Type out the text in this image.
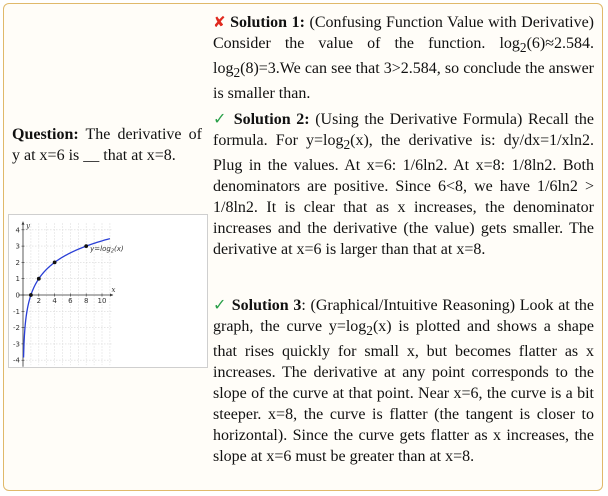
Question: The derivative of y at x=6 is __ that at x=8.
2 4 6 8 10
4
3
2
1
0
-1
-2
-3
-4
x
y
$y=\log_2(x)$

✘ Solution 1: (Confusing Function Value with Derivative) Consider the value of the function. $\log_2(6)\approx 2.584$. $\log_2(8)=3.We$ can see that 3>2.584, so conclude the answer is smaller than.

✓ Solution 2: (Using the Derivative Formula) Recall the formula. For $y=\log_2(x)$, the derivative is: dy/dx=1/xln2. Plug in the values. At x=6: 1/6ln2. At x=8: 1/8ln2. Both denominators are positive. Since 6<8, we have 1/6ln2 > 1/8ln2. It is clear that as x increases, the denominator increases and the derivative (the value) gets smaller. The derivative at x=6 is larger than that at x=8.

✓ Solution 3: (Graphical/Intuitive Reasoning) Look at the graph, the curve $y=\log_2(x)$ is plotted and shows a shape that rises quickly for small x, but becomes flatter as x increases. The derivative at any point corresponds to the slope of the curve at that point. Near x=6, the curve is a bit steeper. x=8, the curve is flatter (the tangent is closer to horizontal). Since the curve gets flatter as x increases, the slope at x=6 must be greater than at x=8.
